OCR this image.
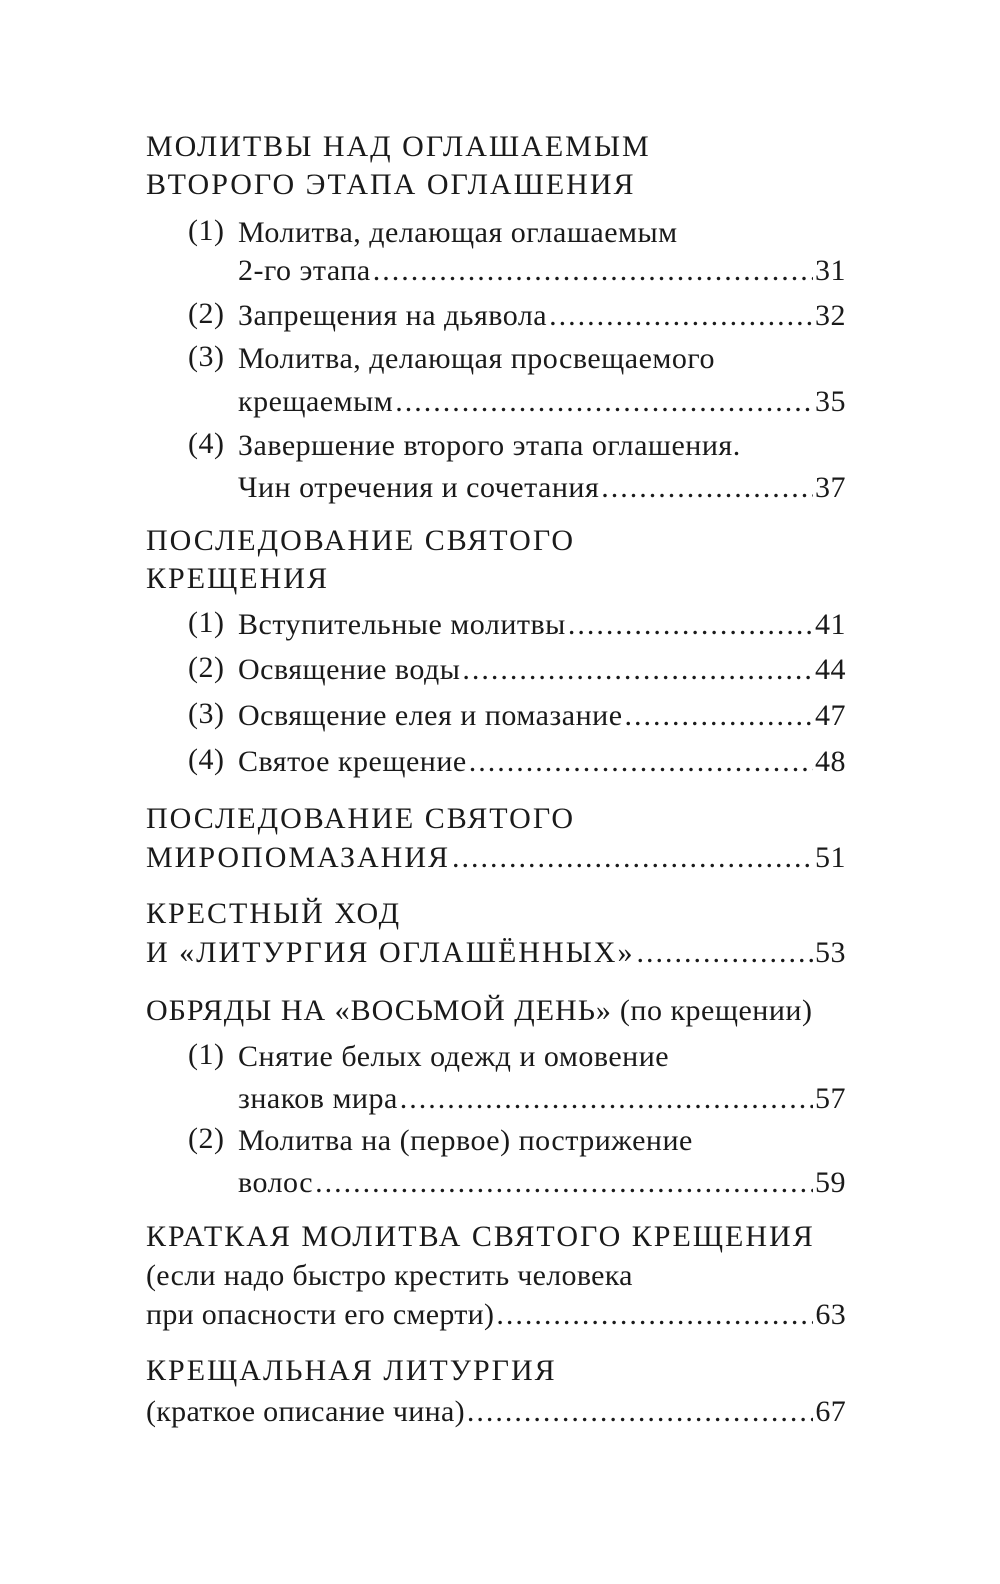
МОЛИТВЫ НАД ОГЛАШАЕМЫМ
ВТОРОГО ЭТАПА ОГЛАШЕНИЯ
(1) Молитва, делающая оглашаемым
2-го этапа .....	31
(2) Запрещения на дьявола .....	32
(3) Молитва, делающая просвещаемого
крещаемым .....	35
(4) Завершение второго этапа оглашения.
Чин отречения и сочетания .....	37
ПОСЛЕДОВАНИЕ СВЯТОГО
КРЕЩЕНИЯ
(1) Вступительные молитвы .....	41
(2) Освящение воды .....	44
(3) Освящение елея и помазание .....	47
(4) Святое крещение .....	48
ПОСЛЕДОВАНИЕ СВЯТОГО
МИРОПОМАЗАНИЯ .....	51
КРЕСТНЫЙ ХОД
И «ЛИТУРГИЯ ОГЛАШЁННЫХ» .....	53
ОБРЯДЫ НА «ВОСЬМОЙ ДЕНЬ» (по крещении)
(1) Снятие белых одежд и омовение
знаков мира .....	57
(2) Молитва на (первое) пострижение
волос .....	59
КРАТКАЯ МОЛИТВА СВЯТОГО КРЕЩЕНИЯ
(если надо быстро крестить человека
при опасности его смерти) .....	63
КРЕЩАЛЬНАЯ ЛИТУРГИЯ
(краткое описание чина) .....	67
